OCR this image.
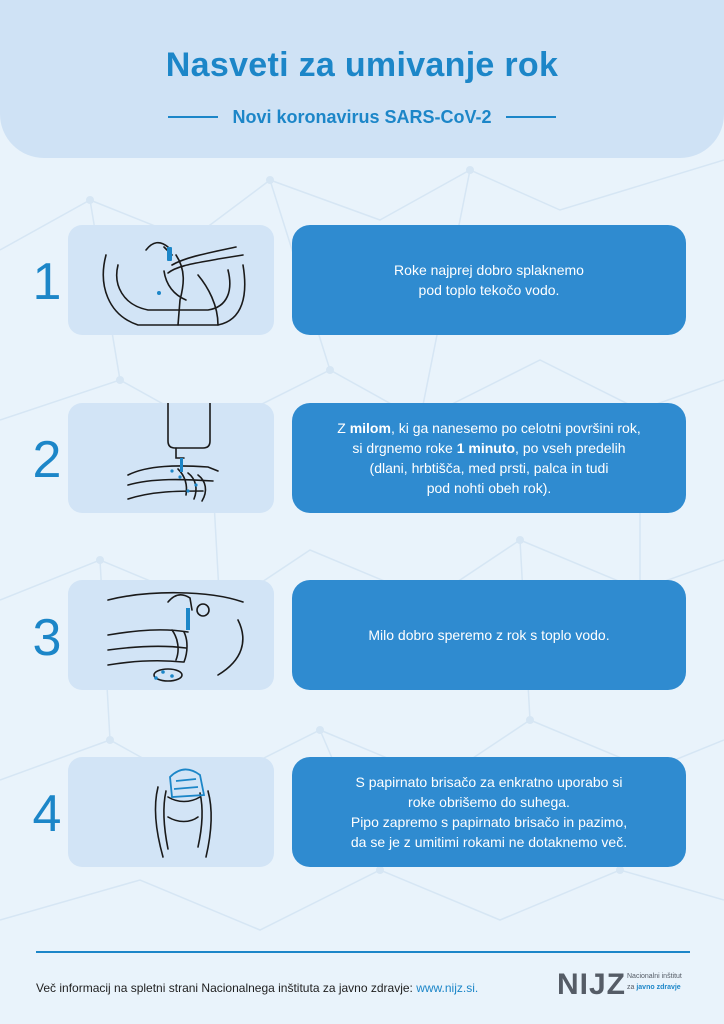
Nasveti za umivanje rok
Novi koronavirus SARS-CoV-2
1	Roke najprej dobro splaknemo
pod toplo tekočo vodo.

2

Z milom, ki ga nanesemo po celotni površini rok,
si drgnemo roke 1 minuto, po vseh predelih
(dlani, hrbtišča, med prsti, palca in tudi
pod nohti obeh rok).

3	Milo dobro speremo z rok s toplo vodo.

4

S papirnato brisačo za enkratno uporabo si
roke obrišemo do suhega.
Pipo zapremo s papirnato brisačo in pazimo,
da se je z umitimi rokami ne dotaknemo več.

Več informacij na spletni strani Nacionalnega inštituta za javno zdravje: www.nijz.si.	NIJZ Nacionalni inštitut
za javno zdravje
